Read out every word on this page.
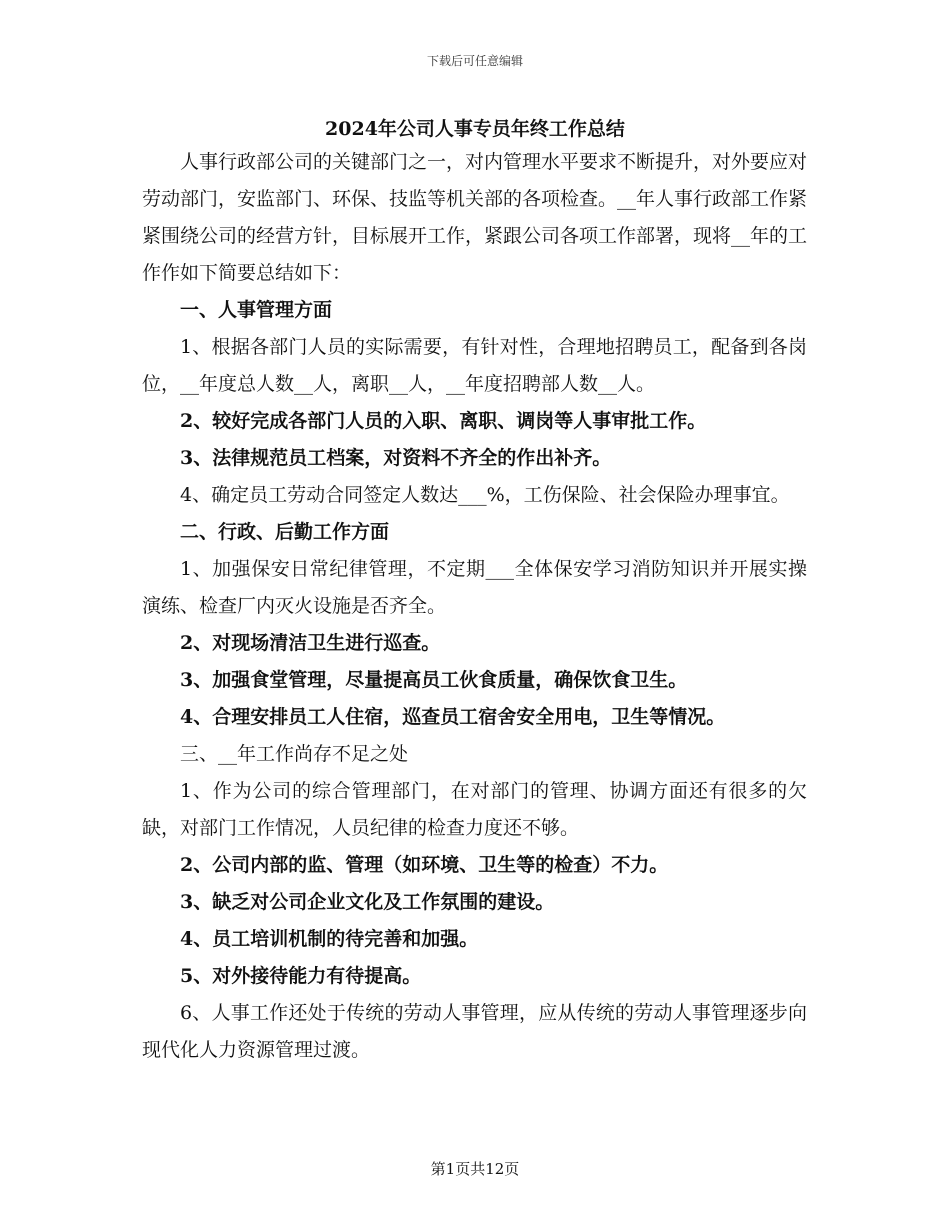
下载后可任意编辑
2024年公司人事专员年终工作总结

人事行政部公司的关键部门之一，对内管理水平要求不断提升，对外要应对劳动部门，安监部门、环保、技监等机关部的各项检查。__年人事行政部工作紧紧围绕公司的经营方针，目标展开工作，紧跟公司各项工作部署，现将__年的工作作如下简要总结如下：

一、人事管理方面

1、根据各部门人员的实际需要，有针对性，合理地招聘员工，配备到各岗位，__年度总人数__人，离职__人，__年度招聘部人数__人。

2、较好完成各部门人员的入职、离职、调岗等人事审批工作。

3、法律规范员工档案，对资料不齐全的作出补齐。

4、确定员工劳动合同签定人数达___%，工伤保险、社会保险办理事宜。

二、行政、后勤工作方面

1、加强保安日常纪律管理，不定期___全体保安学习消防知识并开展实操演练、检查厂内灭火设施是否齐全。

2、对现场清洁卫生进行巡查。

3、加强食堂管理，尽量提高员工伙食质量，确保饮食卫生。

4、合理安排员工人住宿，巡查员工宿舍安全用电，卫生等情况。

三、__年工作尚存不足之处

1、作为公司的综合管理部门，在对部门的管理、协调方面还有很多的欠缺，对部门工作情况，人员纪律的检查力度还不够。

2、公司内部的监、管理（如环境、卫生等的检查）不力。

3、缺乏对公司企业文化及工作氛围的建设。

4、员工培训机制的待完善和加强。

5、对外接待能力有待提高。

6、人事工作还处于传统的劳动人事管理，应从传统的劳动人事管理逐步向现代化人力资源管理过渡。

第1页共12页
